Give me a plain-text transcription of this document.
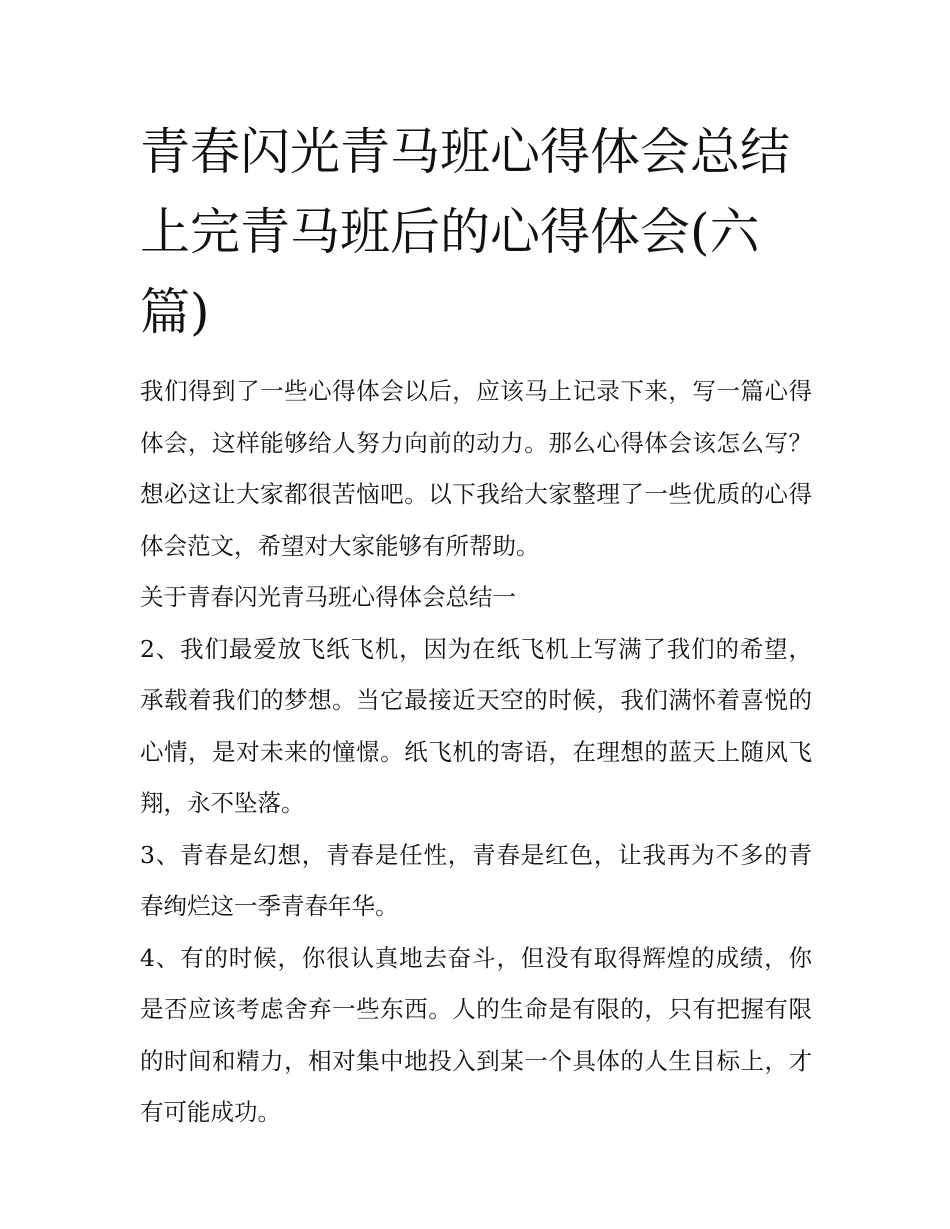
青春闪光青马班心得体会总结上完青马班后的心得体会(六篇)

我们得到了一些心得体会以后，应该马上记录下来，写一篇心得体会，这样能够给人努力向前的动力。那么心得体会该怎么写？想必这让大家都很苦恼吧。以下我给大家整理了一些优质的心得体会范文，希望对大家能够有所帮助。

关于青春闪光青马班心得体会总结一

2、我们最爱放飞纸飞机，因为在纸飞机上写满了我们的希望，承载着我们的梦想。当它最接近天空的时候，我们满怀着喜悦的心情，是对未来的憧憬。纸飞机的寄语，在理想的蓝天上随风飞翔，永不坠落。

3、青春是幻想，青春是任性，青春是红色，让我再为不多的青春绚烂这一季青春年华。

4、有的时候，你很认真地去奋斗，但没有取得辉煌的成绩，你是否应该考虑舍弃一些东西。人的生命是有限的，只有把握有限的时间和精力，相对集中地投入到某一个具体的人生目标上，才有可能成功。
